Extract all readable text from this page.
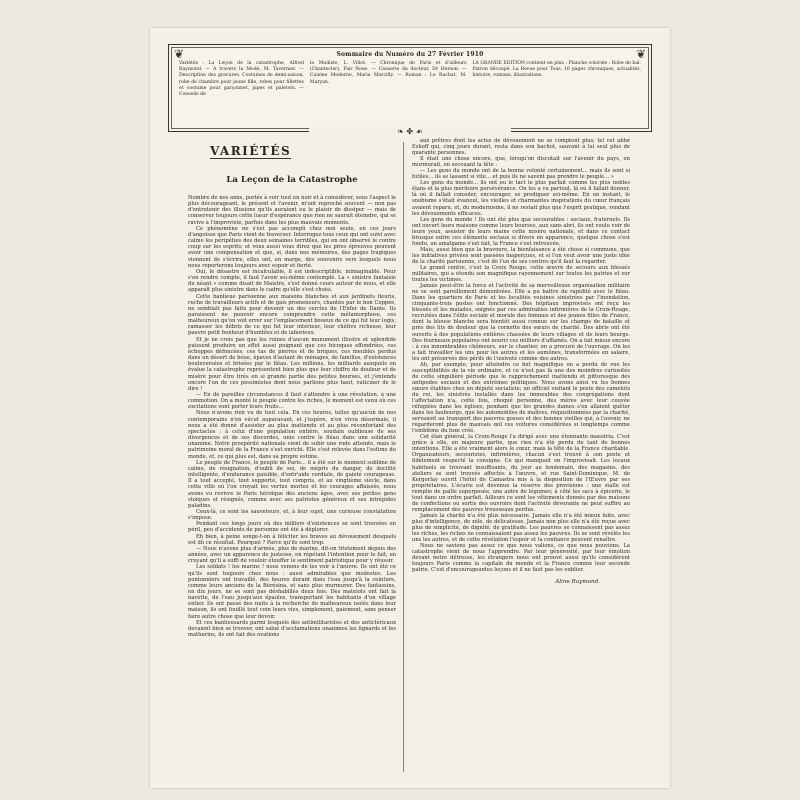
❦	❦
Sommaire du Numéro du 27 Février 1910
Variétés : La Leçon de la catastrophe, Alfred Raymond. — A travers la Mode, M. Tavernier. — Description des gravures. Costumes de demi-saison, robe de chambre pour jeune fille, robes pour fillettes et costume pour garçonnet, jupes et paletots. — Conseils de
la Modiste, L. Villot. — Chronique de Paris et d'ailleurs (Chantecler), Fair Nose. — Causerie du docteur, Dr Herson. — Cuisine Moderne, Maria Marcilly. — Roman : Le Rachat, M. Maryan.
LA GRANDE EDITION contient en plus : Planche coloriée : Robe de bal. Patron découpé. La Revue pour Tous, 16 pages chroniques, actualités, histoire, romans, illustrations.
❧ ✤ ☙
VARIÉTÉS
La Leçon de la Catastrophe

Nombre de nos amis, portés à voir tout en noir et à considérer, sous l'aspect le plus décourageant, le présent et l'avenir, m'ont reproché souvent — non pas d'entretenir des illusions qu'ils auraient eu le plaisir de dissiper — mais de conserver toujours cette lueur d'espérance que rien ne saurait éteindre, qui se ravive à l'improviste, parfois dans les plus mauvais moments.

Ce phénomène ne s'est pas accompli chez moi seule, en ces jours d'angoisse que Paris vient de traverser. Interrogez tous ceux qui ont suivi avec calme les péripéties des deux semaines terribles, qui en ont observé le contre coup sur les esprits; et vous aussi vous direz que les pires épreuves peuvent avoir une compensation et que, si, dans nos mémoires, des pages tragiques viennent de s'écrire, elles ont, en marge, des souvenirs vers lesquels nous nous reporterons toujours avec espoir et fierté.

Oui, le désastre est incalculable, il est indescriptible, inimaginable. Pour s'en rendre compte, il faut l'avoir soi-même contemplé. La « sinistre fantaisie du néant » comme disait de Maistre, s'est donné cours autour de nous, et elle apparaît plus sinistre dans le cadre qu'elle s'est choisi.

Cette banlieue parisienne aux maisons blanches et aux jardinets fleuris, ruche de travailleurs actifs et de gais promeneurs, chantée par le bon Coppée, ne semblait pas faite pour devenir un des cercles de l'Enfer de Dante. Ils paraissent ne pouvoir encore comprendre cette métamorphose, ces malheureux qu'on voit errer sur l'emplacement boueux de ce qui fut leur logis, ramasser les débris de ce qui fut leur intérieur, leur chétive richesse, leur pauvre petit bonheur d'humbles et de laborieux.

Et je ne crois pas que les ruines d'aucun monument illustre et splendide puissent produire un effet aussi poignant que ces bicoques effondrées, ces échoppes défoncées, ces tas de pierres et de briques, ces meubles perdus dans un désert de boue, épaves d'autant de ménages, de familles, d'existences bouleversées et brisées par le fléau. Les millions, les milliards auxquels on évalue la catastrophe représentent bien plus que leur chiffre de douleur et de misère pour être tirés en si grande partie des petites bourses, et j'entends encore l'un de ces pessimistes dont nous parlions plus haut, vaticiner de le dire !

— En de pareilles circonstances il faut s'attendre à une révolution, à une commotion. On a monté le peuple contre les riches, le moment est venu où ces excitations vont porter leurs fruits...

Nous n'avons rien vu de tout cela. En ces heures, telles qu'aucun de nos contemporains n'en vécut auparavant, et j'espère, n'en vivra désormais, il nous a été donné d'assister au plus inattendu et au plus réconfortant des spectacles : à celui d'une population entière, soudain oublieuse de ses divergences et de ses discordes, unie contre le fléau dans une solidarité unanime. Notre prospérité nationale vient de subir une rude atteinte, mais le patrimoine moral de la France s'est enrichi. Elle s'est relevée dans l'estime du monde, et, ce qui plus est, dans sa propre estime.

Le peuple de France, le peuple de Paris... il a été sur le moment sublime de calme, de résignation, d'oubli de soi, de mépris du danger, de docilité intelligente, d'endurance paisible, d'entr'aide cordiale, de gaieté courageuse. Il a tout accepté, tout supporté, tout compris, et au vingtième siècle, dans cette ville où l'on croyait les vertus mortes et les courages affaissés, nous avons vu revivre le Paris héroïque des anciens âges, avec ses petites gens stoïques et résignés, comme avec ses patriotes généreux et ses intrépides paladins.

Ceux-là, ce sont les sauveteurs, et, à leur sujet, une curieuse constatation s'impose.

Pendant ces longs jours où des milliers d'existences se sont trouvées en péril, peu d'accidents de personne ont été à déplorer.

Eh bien, à peine songe-t-on à féliciter les braves au dévouement desquels est dû ce résultat. Pourquoi ? Parce qu'ils sont trop.

— Nous n'avons plus d'armée, plus de marine, dit-on tristement depuis des années, avec un apparence de justesse, en répétant l'intention pour le fait, en croyant qu'il a suffi de vouloir étouffer le sentiment patriotique pour y réussir.

Les soldats ! les marins ! nous venons de les voir à l'œuvre. Ils ont été ce qu'ils sont toujours chez nous : aussi admirables que modestes. Les pontonniers ont travaillé, des heures durant dans l'eau jusqu'à la ceinture, comme leurs anciens de la Bérésina, et sans plus murmurer. Des fantassins, en dix jours, ne se sont pas déshabillés deux fois. Des matelots ont fait la navette, de l'eau jusqu'aux épaules, transportant les habitants d'un village entier. Ils ont passé des nuits à la recherche de malheureux isolés dans leur maison, ils ont fouillé tout coin leurs vies, simplement, gaiement, sans penser faire autre chose que leur devoir.

Et ces banlieusards parmi lesquels des antimilitaristes et des anticléricaux devaient bien se trouver, ont salué d'acclamations unanimes les lignards et les mathurins, ils ont fait des ovations

aux prêtres dont les actes de dévouement ne se comptent plus; tel cet abbé Eskoff qui, cinq jours durant, resta dans son bachot, sauvant à lui seul plus de quarante personnes.

Il était une chose encore, que, lorsqu'on discutait sur l'avenir du pays, on murmurait, en secouant la tête :

— Les gens du monde ont de la bonne volonté certainement... mais ils sont si futiles... ils se lassent si vite... et puis ils ne savent pas prendre le peuple... »

Les gens du monde... ils ont eu le tact le plus parfait comme les plus nobles élans et la plus méritoire persévérance. On les a vu partout, là où il fallait donner, là où il fallait consoler, encourager, se prodiguer soi-même. En un instant, le snobisme s'était évanoui, les vieilles et charmantes inspirations du cœur français avaient reparu, et, du modernisme, il ne restait plus que l'esprit pratique, rendant les dévouements efficaces.

Les gens du monde ! Ils ont été plus que secourables : sociaux, fraternels. Ils ont ouvert leurs maisons comme leurs bourses, aux sans abri, ils ont voulu voir de leurs yeux, assister de leurs mains cette misère nationale, et dans ce contact brusque entre ces éléments sociaux si divers en apparence, quelque chose s'est fondu, un amalgame s'est fait, la France s'est retrouvée.

Mais, aussi bien que la bravoure, la bienfaisance a été chose si commune, que les initiatives privées sont passées inaperçues, et si l'on veut avoir une juste idée de la charité parisienne, c'est de l'un de ses centres qu'il faut la regarder.

Le grand centre, c'est la Croix Rouge, cette œuvre de secours aux blessés militaires, qui a étendu son magnifique rayonnement sur toutes les patries et sur toutes les victimes.

Jamais peut-être la force et l'activité de sa merveilleuse organisation militaire ne se sont pareillement démontrées. Elle a pu battre de rapidité avec le fléau. Dans les quartiers de Paris et les localités voisines sinistrées par l'inondation, cinquante-trois postes ont fonctionné. Des hôpitaux improvisés ont reçu les blessés et les malades, soignés par ces admirables infirmières de la Croix-Rouge, recrutées dans l'élite sociale et morale des femmes et des jeunes filles de France, dont la blouse blanche sera bientôt aussi connue sur les champs de bataille et près des lits de douleur que la cornette des sœurs de charité. Des abris ont été ouverts à des populations entières chassées de leurs villages et de leurs bourgs. Des fourneaux populaires ont nourri ces milliers d'affamés. On a fait mieux encore : à ces innombrables chômeurs, sur le chantier, on a procuré de l'ouvrage. On les a fait travailler les uns pour les autres et les aumônes, transformées en salaire, les ont préservés des périls de l'oisiveté comme des autres.

Ah, par exemple, pour atteindre ce but magnifique on a perdu de vue les susceptibilités de la vie ordinaire, et ce n'est pas là une des moindres curiosités de cette singulière période que le rapprochement inattendu et pittoresque des antipodes sociaux et des extrêmes politiques. Nous avons ainsi vu les bonnes sœurs établies chez un député socialiste; un officiel visitant le poste des camelots du roi, les sinistrés installés dans les immeubles des congrégations dont l'affectation n'a, cette fois, choqué personne, des mères avec leur couvée réfugiées dans les églises, pendant que les grandes dames s'en allaient quêter dans les faubourgs, que les automobiles de maîtres, réquisitionnées par la charité, servaient au transport des pauvres gosses et des bonnes vieilles qui, à l'avenir, ne regarderont plus de mauvais œil ces voitures considérées si longtemps comme l'emblème du luxe créé.

Cet élan général, la Croix-Rouge l'a dirigé avec une étonnante maestria. C'est grâce à elle, en majeure partie, que rien n'a été perdu de tant de bonnes intentions. Elle a été vraiment alors le cœur, mais la tête de la France charitable. Organisateurs, secouristes, infirmières, chacun s'est trouvé à son poste et fidèlement respecté la consigne. Ce qui manquait on l'improvisait. Les locaux habituels se trouvant insuffisants, du jour au lendemain, des magasins, des ateliers se sont trouvés affectés à l'œuvre, et rue Saint-Dominique, M. de Kergorlay ouvrit l'hôtel de Camastra mis à la disposition de l'Œuvre par ses propriétaires. L'écurie est devenue la réserve des provisions : une stalle est remplie de paille superposée, une autre de légumes; à côté les sacs à épicerie, le tout dans un ordre parfait. Ailleurs ce sont les vêtements donnés par des maisons de confections ou sortis des ouvroirs dont l'activité dévorante ne peut suffire au remplacement des pauvres trousseaux perdus.

Jamais la charité n'a été plus nécessaire. Jamais elle n'a été mieux faite, avec plus d'intelligence, de zèle, de délicatesse. Jamais non plus elle n'a été reçue avec plus de simplicité, de dignité, de gratitude. Les pauvres se connaissent pas assez les riches, les riches ne connaissaient pas assez les pauvres. Ils se sont révélés les uns les autres, et de cette révélation l'espoir et la confiance peuvent renaître.

Nous ne savions pas assez ce que nous valions, ce que nous pouvions. La catastrophe vient de nous l'apprendre. Par leur générosité, par leur émotion devant notre détresse, les étrangers nous ont prouvé aussi qu'ils considèrent toujours Paris comme la capitale du monde et la France comme leur seconde patrie. C'est d'encourageantes leçons et il ne faut pas les oublier.

Aline Raymond.
